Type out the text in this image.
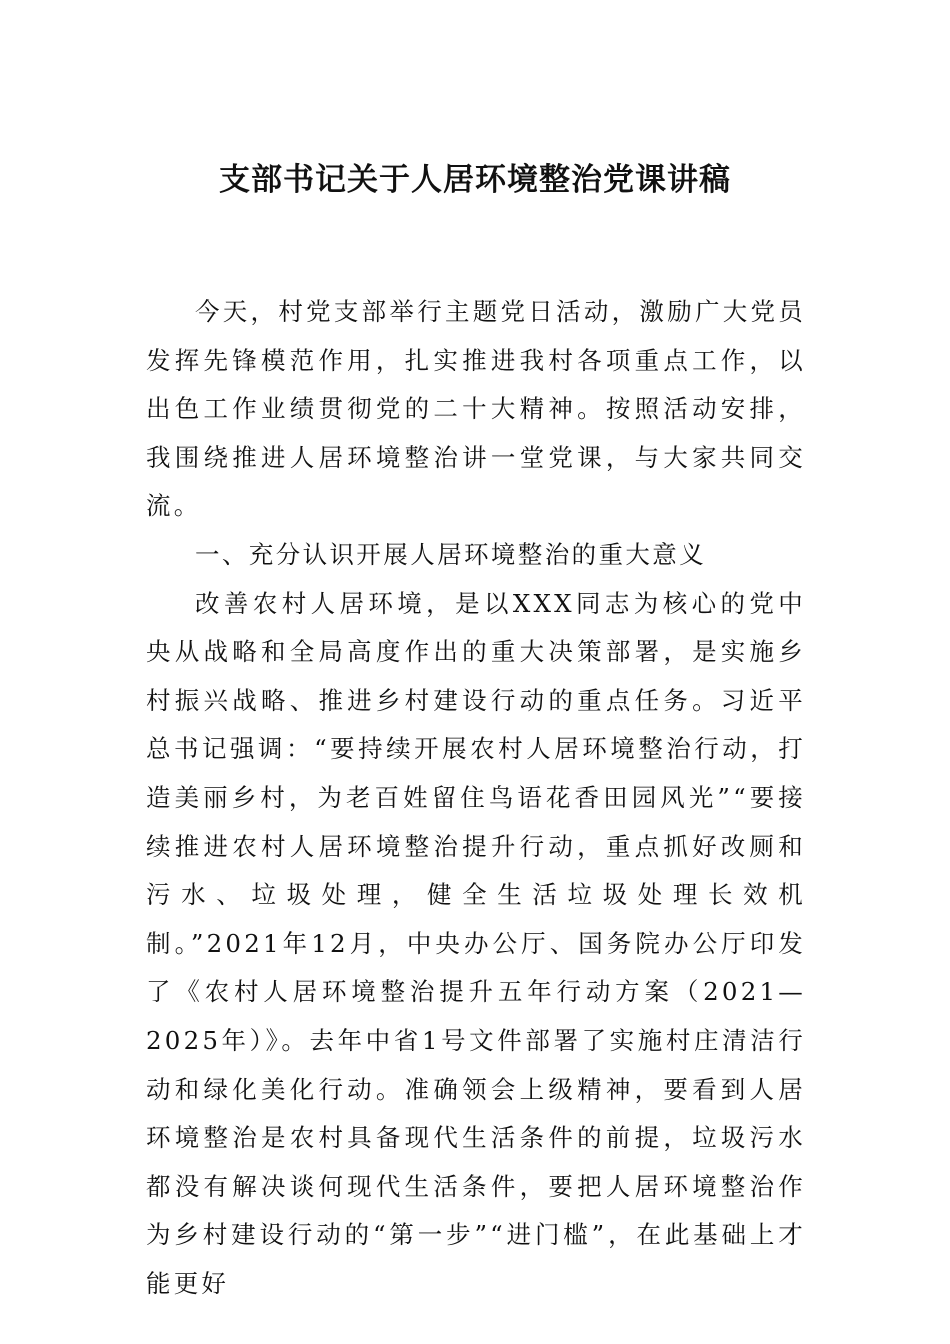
支部书记关于人居环境整治党课讲稿

今天，村党支部举行主题党日活动，激励广大党员发挥先锋模范作用，扎实推进我村各项重点工作，以出色工作业绩贯彻党的二十大精神。按照活动安排，我围绕推进人居环境整治讲一堂党课，与大家共同交流。

一、充分认识开展人居环境整治的重大意义

改善农村人居环境，是以XXX同志为核心的党中央从战略和全局高度作出的重大决策部署，是实施乡村振兴战略、推进乡村建设行动的重点任务。习近平总书记强调：“要持续开展农村人居环境整治行动，打造美丽乡村，为老百姓留住鸟语花香田园风光”“要接续推进农村人居环境整治提升行动，重点抓好改厕和污水、垃圾处理，健全生活垃圾处理长效机制。”2021年12月，中央办公厅、国务院办公厅印发了《农村人居环境整治提升五年行动方案（2021—2025年）》。去年中省1号文件部署了实施村庄清洁行动和绿化美化行动。准确领会上级精神，要看到人居环境整治是农村具备现代生活条件的前提，垃圾污水都没有解决谈何现代生活条件，要把人居环境整治作为乡村建设行动的“第一步”“进门槛”，在此基础上才能更好
